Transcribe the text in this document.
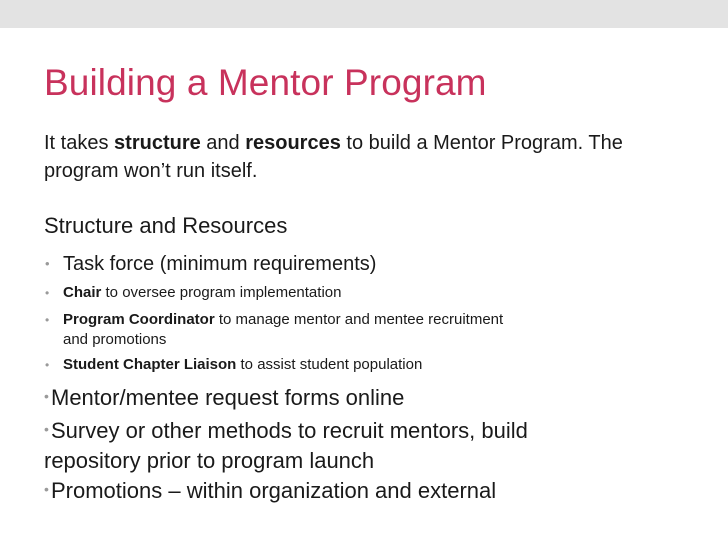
Building a Mentor Program

It takes structure and resources to build a Mentor Program. The program won’t run itself.

Structure and Resources
• Task force (minimum requirements)
• Chair to oversee program implementation
• Program Coordinator to manage mentor and mentee recruitment
and promotions
• Student Chapter Liaison to assist student population
• Mentor/mentee request forms online
• Survey or other methods to recruit mentors, build
repository prior to program launch
• Promotions – within organization and external
